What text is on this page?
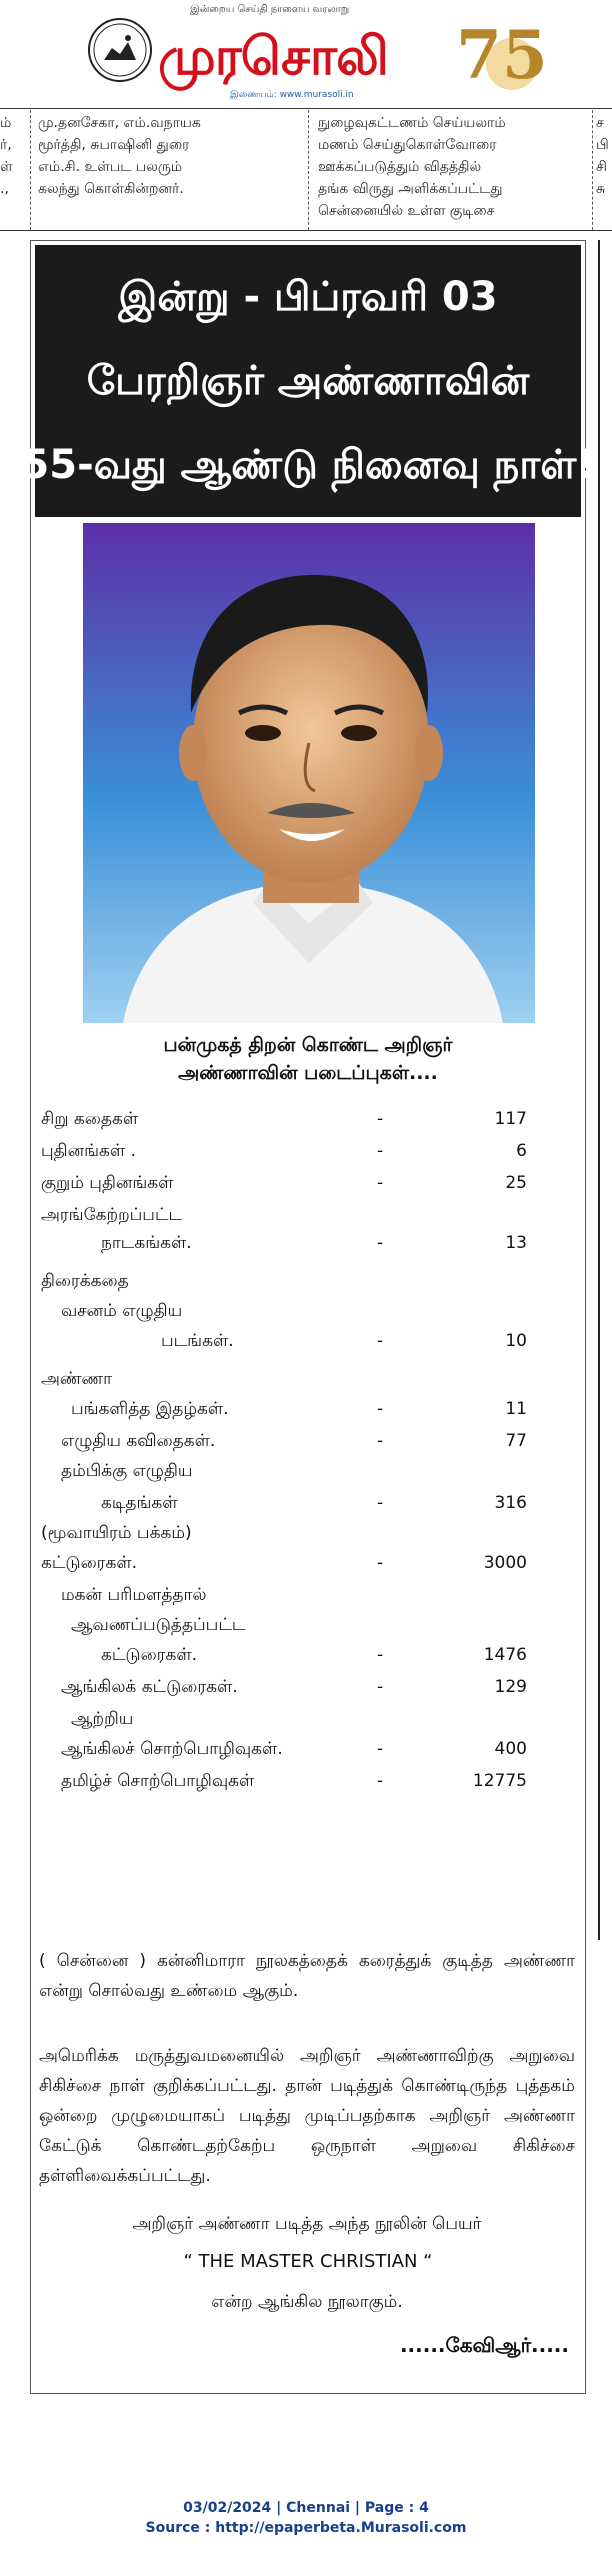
இன்றைய செய்தி நாளைய வரலாறு
முரசொலி
இணையம்: www.murasoli.in
75
ம்
ர்,
ள்
.,
மு.தனசேகா, எம்.வநாயக
மூர்த்தி, சுபாஷினி துரை
எம்.சி. உள்பட பலரும்
கலந்து கொள்கின்றனர்.
நுழைவுகட்டணம் செய்யலாம்
மணம் செய்துகொள்வோரை
ஊக்கப்படுத்தும் விதத்தில்
தங்க விருது அளிக்கப்பட்டது
சென்னையில் உள்ள குடிசை
ச
பி
சி
சு
இன்று - பிப்ரவரி 03
பேரறிஞர் அண்ணாவின்
55-வது ஆண்டு நினைவு நாள்!
பன்முகத் திறன் கொண்ட அறிஞர்
அண்ணாவின் படைப்புகள்....
சிறு கதைகள்	-	117
புதினங்கள் .	-	6
குறும் புதினங்கள்	-	25
அரங்கேற்றப்பட்ட
நாடகங்கள்.	-	13
திரைக்கதை
வசனம் எழுதிய
படங்கள்.	-	10
அண்ணா
பங்களித்த இதழ்கள்.	-	11
எழுதிய கவிதைகள்.	-	77
தம்பிக்கு எழுதிய
கடிதங்கள்	-	316
(மூவாயிரம் பக்கம்)
கட்டுரைகள்.	-	3000
மகன் பரிமளத்தால்
ஆவணப்படுத்தப்பட்ட
கட்டுரைகள்.	-	1476
ஆங்கிலக் கட்டுரைகள்.	-	129
ஆற்றிய
ஆங்கிலச் சொற்பொழிவுகள்.	-	400
தமிழ்ச் சொற்பொழிவுகள்	-	12775
( சென்னை ) கன்னிமாரா நூலகத்தைக் கரைத்துக் குடித்த அண்ணா என்று சொல்வது உண்மை ஆகும்.
அமெரிக்க மருத்துவமனையில் அறிஞர் அண்ணாவிற்கு அறுவை சிகிச்சை நாள் குறிக்கப்பட்டது. தான் படித்துக் கொண்டிருந்த புத்தகம் ஒன்றை முழுமையாகப் படித்து முடிப்பதற்காக அறிஞர் அண்ணா கேட்டுக் கொண்டதற்கேற்ப ஒருநாள் அறுவை சிகிச்சை தள்ளிவைக்கப்பட்டது.
அறிஞர் அண்ணா படித்த அந்த நூலின் பெயர்
“ THE MASTER CHRISTIAN “
என்ற ஆங்கில நூலாகும்.
......கேவிஆர்.....
03/02/2024 | Chennai | Page : 4
Source : http://epaperbeta.Murasoli.com
